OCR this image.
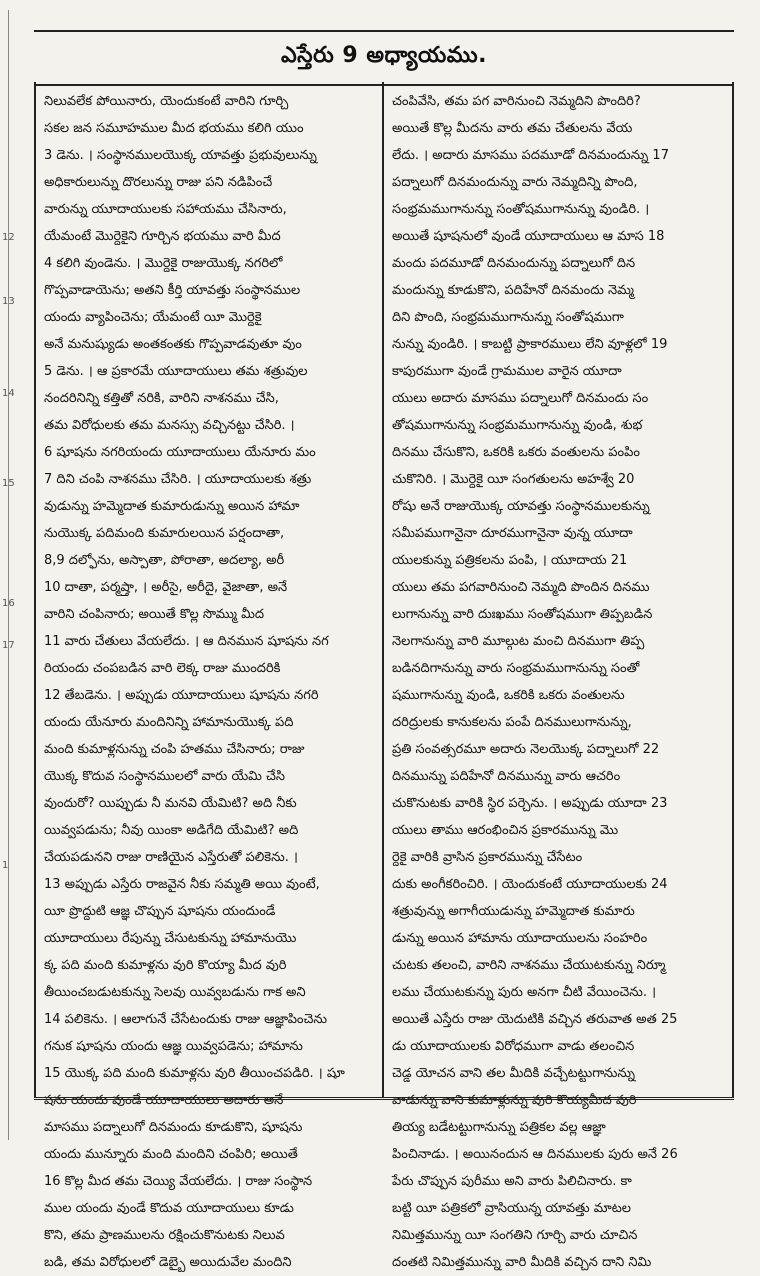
12
13
14
15
16
17
1
ఎస్తేరు 9 అధ్యాయము.
నిలువలేక పోయినారు, యెందుకంటే వారిని గూర్చి
సకల జన సమూహముల మీద భయము కలిగి యుం
3 డెను. । సంస్థానములయొక్క యావత్తు ప్రభువులున్ను
అధికారులున్ను దొరలున్ను రాజు పని నడిపించే
వారున్ను యూదాయులకు సహాయము చేసినారు,
యేమంటే మొర్దెకైని గూర్చిన భయము వారి మీద
4 కలిగి వుండెను. । మొర్దెకై రాజుయొక్క నగరిలో
గొప్పవాడాయెను; అతని కీర్తి యావత్తు సంస్థానముల
యందు వ్యాపించెను; యేమంటే యీ మొర్దెకై
అనే మనుష్యుడు అంతకంతకు గొప్పవాడవుతూ వుం
5 డెను. । ఆ ప్రకారమే యూదాయులు తమ శత్రువుల
నందరినిన్ని కత్తితో నరికి, వారిని నాశనము చేసి,
తమ విరోధులకు తమ మనస్సు వచ్చినట్టు చేసిరి. ।
6 షూషను నగరియందు యూదాయులు యేనూరు మం
7 దిని చంపి నాశనము చేసిరి. । యూదాయులకు శత్రు
వుడున్ను హమ్మెదాత కుమారుడున్ను అయిన హామా
నుయొక్క పదిమంది కుమారులయిన పర్షందాతా,
8,9 దల్ఫోను, అస్పాతా, పోరాతా, అదల్యా, అరీ
10 దాతా, పర్మష్తా, । అరీసై, అరీదై, వైజాతా, అనే
వారిని చంపినారు; అయితే కొల్ల సొమ్ము మీద
11 వారు చేతులు వేయలేదు. । ఆ దినమున షూషను నగ
రియందు చంపబడిన వారి లెక్క రాజు ముందరికి
12 తేబడెను. । అప్పుడు యూదాయులు షూషను నగరి
యందు యేనూరు మందినిన్ని హామానుయొక్క పది
మంది కుమాళ్లనున్ను చంపి హతము చేసినారు; రాజు
యొక్క కొదువ సంస్థానములలో వారు యేమి చేసి
వుందురో? యిప్పుడు నీ మనవి యేమిటి? అది నీకు
యివ్వపడును; నీవు యింకా అడిగేది యేమిటి? అది
చేయపడునని రాజు రాణియైన ఎస్తేరుతో పలికెను. ।
13 అప్పుడు ఎస్తేరు రాజవైన నీకు సమ్మతి అయి వుంటే,
యీ ప్రొద్దుటి ఆజ్ఞ చొప్పున షూషను యందుండే
యూదాయులు రేపున్ను చేసుటకున్ను హామానుయొ
క్క పది మంది కుమాళ్లను వురి కొయ్యా మీద వురి
తీయించబడుటకున్ను సెలవు యివ్వబడును గాక అని
14 పలికెను. । ఆలాగునే చేసేటందుకు రాజు ఆజ్ఞాపించెను
గనుక షూషను యందు ఆజ్ఞ యివ్వపడెను; హామాను
15 యొక్క పది మంది కుమాళ్లను వురి తీయించపడిరి. । షూ
షను యందు వుండే యూదాయులు అదారు అనే
మాసము పద్నాలుగో దినమందు కూడుకొని, షూషను
యందు మున్నూరు మంది మందిని చంపిరి; అయితే
16 కొల్ల మీద తమ చెయ్యి వేయలేదు. । రాజు సంస్థాన
ముల యందు వుండే కొదువ యూదాయులు కూడు
కొని, తమ ప్రాణములను రక్షించుకొనుటకు నిలువ
బడి, తమ విరోధులలో డెబ్బై అయిదువేల మందిని
చంపివేసి, తమ పగ వారినుంచి నెమ్మదిని పొందిరి?
అయితే కొల్ల మీదను వారు తమ చేతులను వేయ
లేదు. । అదారు మాసము పదమూడో దినమందున్ను 17
పద్నాలుగో దినమందున్ను వారు నెమ్మదిన్ని పొంది,
సంభ్రమముగానున్ను సంతోషముగానున్ను వుండిరి. ।
అయితే షూషనులో వుండే యూదాయులు ఆ మాస 18
మందు పదమూడో దినమందున్ను పద్నాలుగో దిన
మందున్ను కూడుకొని, పదిహేనో దినమందు నెమ్మ
దిని పొంది, సంభ్రమముగానున్ను సంతోషముగా
నున్ను వుండిరి. । కాబట్టి ప్రాకారములు లేని వూళ్లలో 19
కాపురముగా వుండే గ్రామముల వారైన యూదా
యులు అదారు మాసము పద్నాలుగో దినమందు సం
తోషముగానున్ను సంభ్రమముగానున్ను వుండి, శుభ
దినము చేసుకొని, ఒకరికి ఒకరు వంతులను పంపిం
చుకొనిరి. । మొర్దెకై యీ సంగతులను అహశ్వే 20
రోషు అనే రాజుయొక్క యావత్తు సంస్థానములకున్ను
సమీపముగానైనా దూరముగానైనా వున్న యూదా
యులకున్ను పత్రికలను పంపి, । యూదాయ 21
యులు తమ పగవారినుంచి నెమ్మది పొందిన దినము
లుగానున్ను వారి దుఃఖము సంతోషముగా తిప్పబడిన
నెలగానున్ను వారి మూల్గుట మంచి దినముగా తిప్ప
బడినదిగానున్ను వారు సంభ్రమముగానున్ను సంతో
షముగానున్ను వుండి, ఒకరికి ఒకరు వంతులను
దరిద్రులకు కానుకలను పంపే దినములుగానున్ను,
ప్రతి సంవత్సరమూ అదారు నెలయొక్క పద్నాలుగో 22
దినమున్ను పదిహేనో దినమున్ను వారు ఆచరిం
చుకొనుటకు వారికి స్థిర పర్చెను. । అప్పుడు యూదా 23
యులు తాము ఆరంభించిన ప్రకారమున్ను మొ
ర్దెకై వారికి వ్రాసిన ప్రకారమున్ను చేసేటం
దుకు అంగీకరించిరి. । యెందుకంటే యూదాయులకు 24
శత్రువున్ను అగాగీయుడున్ను హమ్మెదాత కుమారు
డున్ను అయిన హామాను యూదాయులను సంహరిం
చుటకు తలంచి, వారిని నాశనము చేయుటకున్ను నిర్మూ
లము చేయుటకున్ను పురు అనగా చీటి వేయించెను. ।
అయితే ఎస్తేరు రాజు యెదుటికి వచ్చిన తరువాత అత 25
డు యూదాయులకు విరోధముగా వాడు తలంచిన
చెడ్డ యోచన వాని తల మీదికి వచ్చేటట్టుగానున్ను
వాడున్ను వాని కుమాళ్లున్ను వురి కొయ్యమీద వురి
తియ్య బడేటట్టుగానున్ను పత్రికల వల్ల ఆజ్ఞా
పించినాడు. । అయినందున ఆ దినములకు పురు అనే 26
పేరు చొప్పున పురీము అని వారు పిలిచినారు. కా
బట్టి యీ పత్రికలో వ్రాసియున్న యావత్తు మాటల
నిమిత్తమున్ను యీ సంగతిని గూర్చి వారు చూచిన
దంతటి నిమిత్తమున్ను వారి మీదికి వచ్చిన దాని నిమి
